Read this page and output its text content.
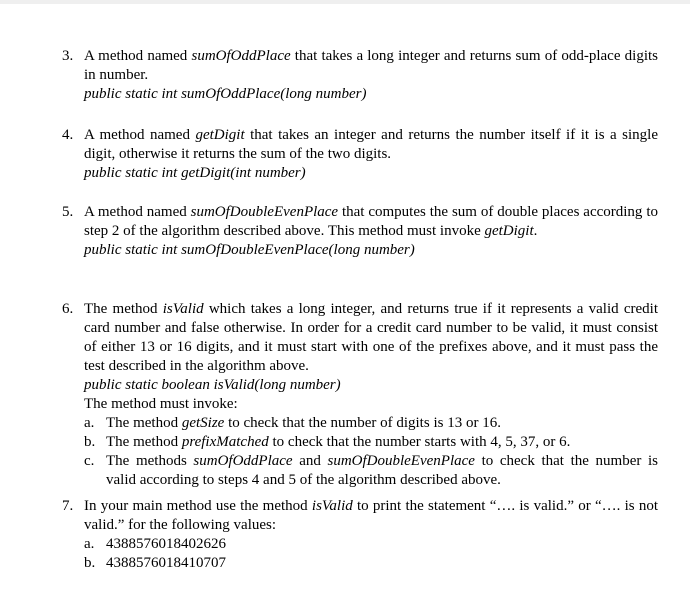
3. A method named sumOfOddPlace that takes a long integer and returns sum of odd-place digits in number.
public static int sumOfOddPlace(long number)
4. A method named getDigit that takes an integer and returns the number itself if it is a single digit, otherwise it returns the sum of the two digits.
public static int getDigit(int number)
5. A method named sumOfDoubleEvenPlace that computes the sum of double places according to step 2 of the algorithm described above. This method must invoke getDigit.
public static int sumOfDoubleEvenPlace(long number)
6. The method isValid which takes a long integer, and returns true if it represents a valid credit card number and false otherwise. In order for a credit card number to be valid, it must consist of either 13 or 16 digits, and it must start with one of the prefixes above, and it must pass the test described in the algorithm above.
public static boolean isValid(long number)
The method must invoke:
a. The method getSize to check that the number of digits is 13 or 16.
b. The method prefixMatched to check that the number starts with 4, 5, 37, or 6.
c. The methods sumOfOddPlace and sumOfDoubleEvenPlace to check that the number is valid according to steps 4 and 5 of the algorithm described above.
7. In your main method use the method isValid to print the statement “…. is valid.” or “…. is not valid.” for the following values:
a. 4388576018402626
b. 4388576018410707
